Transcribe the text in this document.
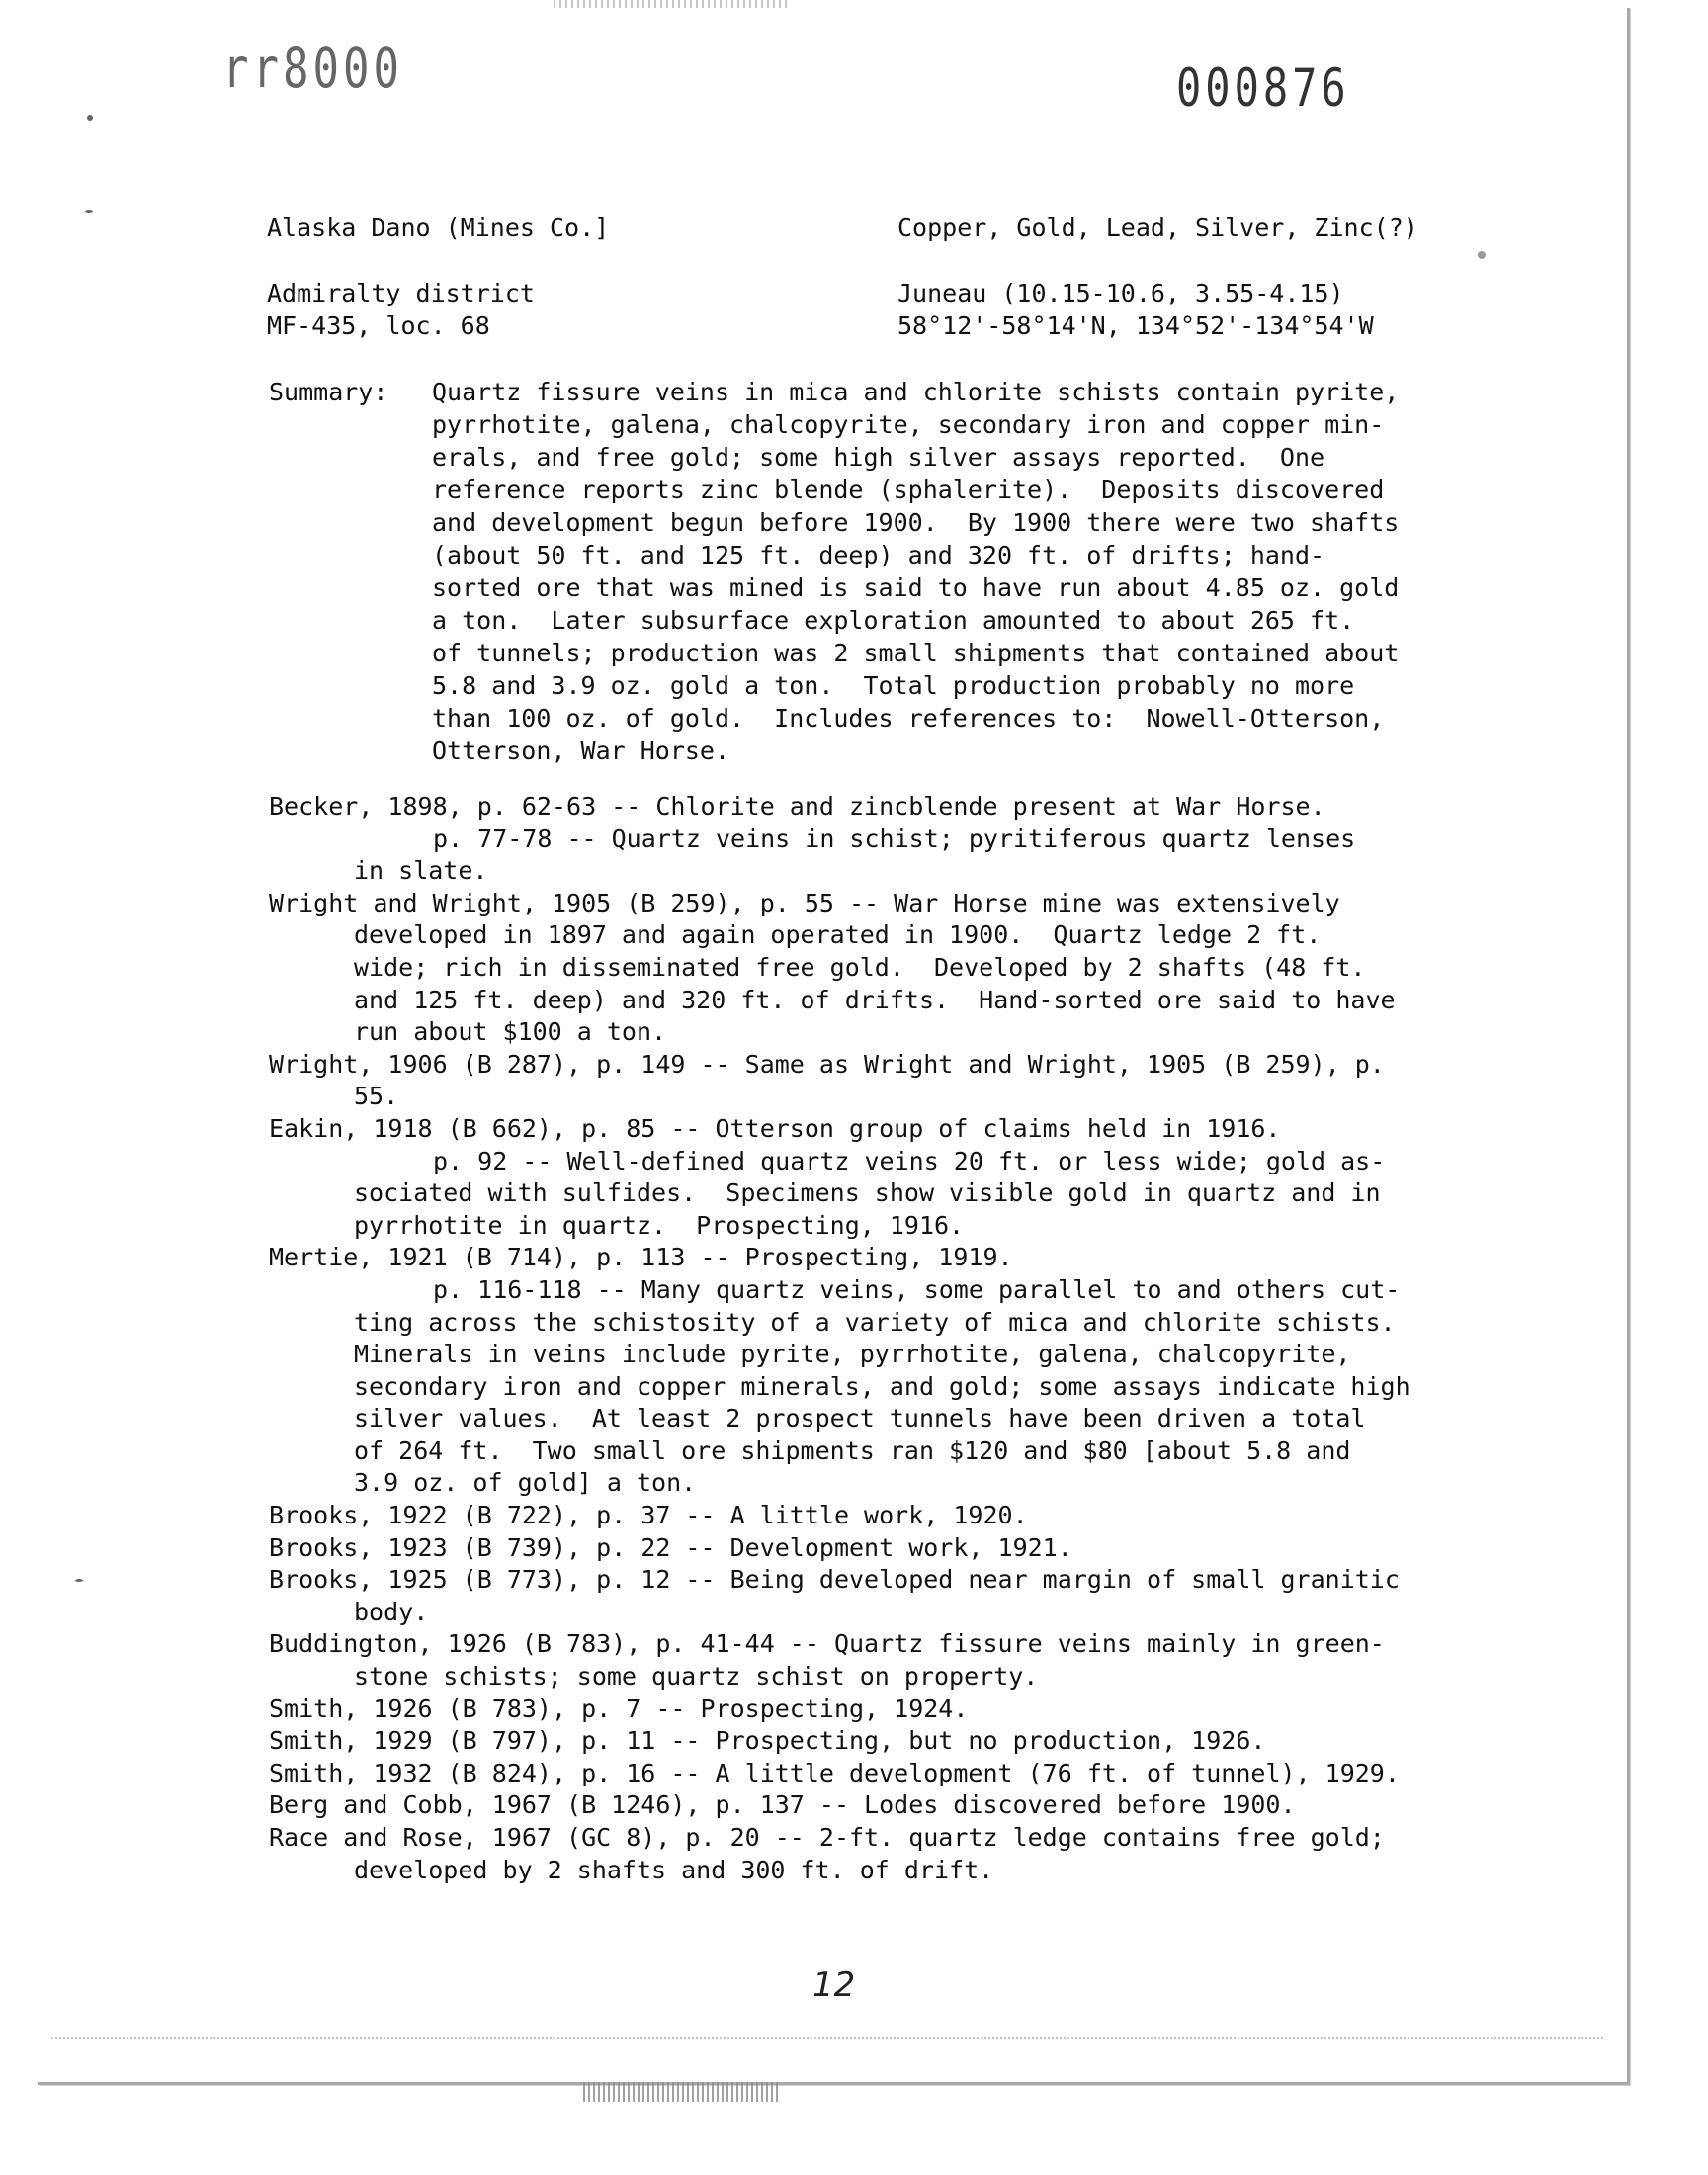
rr8000	000876
Alaska Dano (Mines Co.]

Admiralty district
MF-435, loc. 68
Copper, Gold, Lead, Silver, Zinc(?)

Juneau (10.15-10.6, 3.55-4.15)
58°12'-58°14'N, 134°52'-134°54'W
Summary: Quartz fissure veins in mica and chlorite schists contain pyrite,
pyrrhotite, galena, chalcopyrite, secondary iron and copper min-
erals, and free gold; some high silver assays reported.  One
reference reports zinc blende (sphalerite).  Deposits discovered
and development begun before 1900.  By 1900 there were two shafts
(about 50 ft. and 125 ft. deep) and 320 ft. of drifts; hand-
sorted ore that was mined is said to have run about 4.85 oz. gold
a ton.  Later subsurface exploration amounted to about 265 ft.
of tunnels; production was 2 small shipments that contained about
5.8 and 3.9 oz. gold a ton.  Total production probably no more
than 100 oz. of gold.  Includes references to:  Nowell-Otterson,
Otterson, War Horse.
Becker, 1898, p. 62-63 -- Chlorite and zincblende present at War Horse.
p. 77-78 -- Quartz veins in schist; pyritiferous quartz lenses
in slate.
Wright and Wright, 1905 (B 259), p. 55 -- War Horse mine was extensively
developed in 1897 and again operated in 1900.  Quartz ledge 2 ft.
wide; rich in disseminated free gold.  Developed by 2 shafts (48 ft.
and 125 ft. deep) and 320 ft. of drifts.  Hand-sorted ore said to have
run about $100 a ton.
Wright, 1906 (B 287), p. 149 -- Same as Wright and Wright, 1905 (B 259), p.
55.
Eakin, 1918 (B 662), p. 85 -- Otterson group of claims held in 1916.
p. 92 -- Well-defined quartz veins 20 ft. or less wide; gold as-
sociated with sulfides.  Specimens show visible gold in quartz and in
pyrrhotite in quartz.  Prospecting, 1916.
Mertie, 1921 (B 714), p. 113 -- Prospecting, 1919.
p. 116-118 -- Many quartz veins, some parallel to and others cut-
ting across the schistosity of a variety of mica and chlorite schists.
Minerals in veins include pyrite, pyrrhotite, galena, chalcopyrite,
secondary iron and copper minerals, and gold; some assays indicate high
silver values.  At least 2 prospect tunnels have been driven a total
of 264 ft.  Two small ore shipments ran $120 and $80 [about 5.8 and
3.9 oz. of gold] a ton.
Brooks, 1922 (B 722), p. 37 -- A little work, 1920.
Brooks, 1923 (B 739), p. 22 -- Development work, 1921.
Brooks, 1925 (B 773), p. 12 -- Being developed near margin of small granitic
body.
Buddington, 1926 (B 783), p. 41-44 -- Quartz fissure veins mainly in green-
stone schists; some quartz schist on property.
Smith, 1926 (B 783), p. 7 -- Prospecting, 1924.
Smith, 1929 (B 797), p. 11 -- Prospecting, but no production, 1926.
Smith, 1932 (B 824), p. 16 -- A little development (76 ft. of tunnel), 1929.
Berg and Cobb, 1967 (B 1246), p. 137 -- Lodes discovered before 1900.
Race and Rose, 1967 (GC 8), p. 20 -- 2-ft. quartz ledge contains free gold;
developed by 2 shafts and 300 ft. of drift.
12
